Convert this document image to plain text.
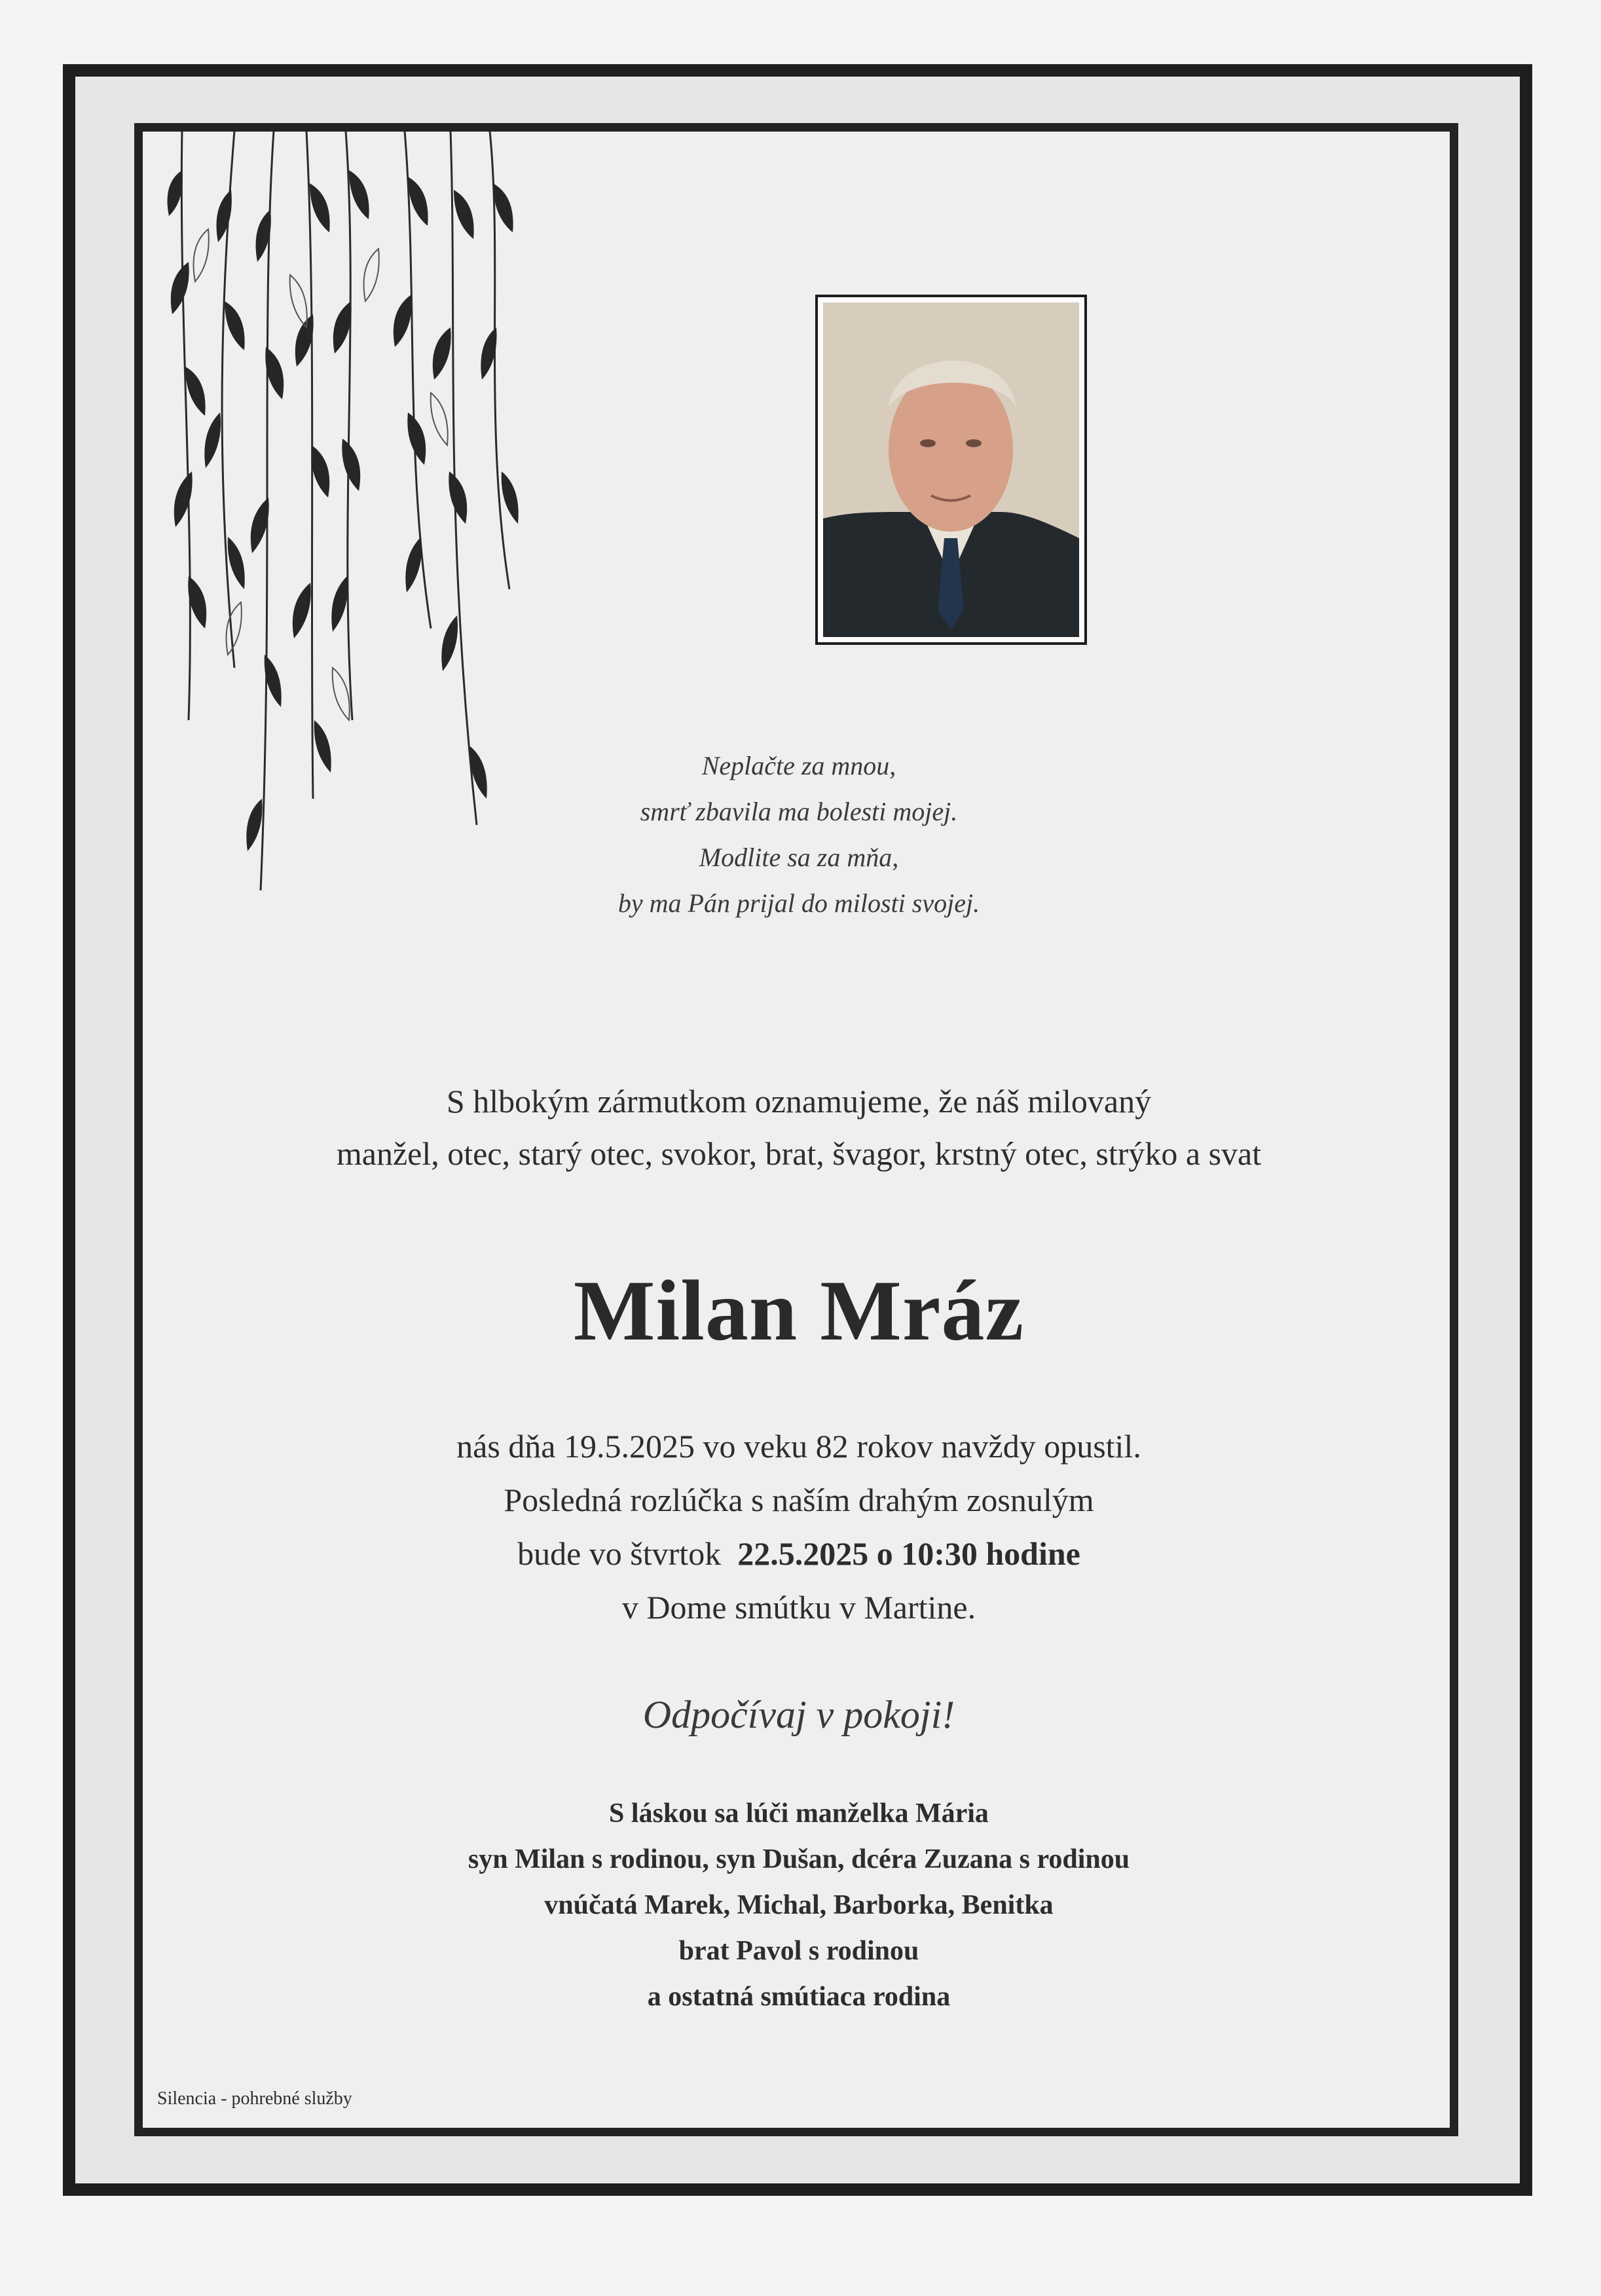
Neplačte za mnou,
smrť zbavila ma bolesti mojej.
Modlite sa za mňa,
by ma Pán prijal do milosti svojej.
S hlbokým zármutkom oznamujeme, že náš milovaný
manžel, otec, starý otec, svokor, brat, švagor, krstný otec, strýko a svat
Milan Mráz
nás dňa 19.5.2025 vo veku 82 rokov navždy opustil.
Posledná rozlúčka s naším drahým zosnulým
bude vo štvrtok 22.5.2025 o 10:30 hodine
v Dome smútku v Martine.
Odpočívaj v pokoji!
S láskou sa lúči manželka Mária
syn Milan s rodinou, syn Dušan, dcéra Zuzana s rodinou
vnúčatá Marek, Michal, Barborka, Benitka
brat Pavol s rodinou
a ostatná smútiaca rodina
Silencia - pohrebné služby
